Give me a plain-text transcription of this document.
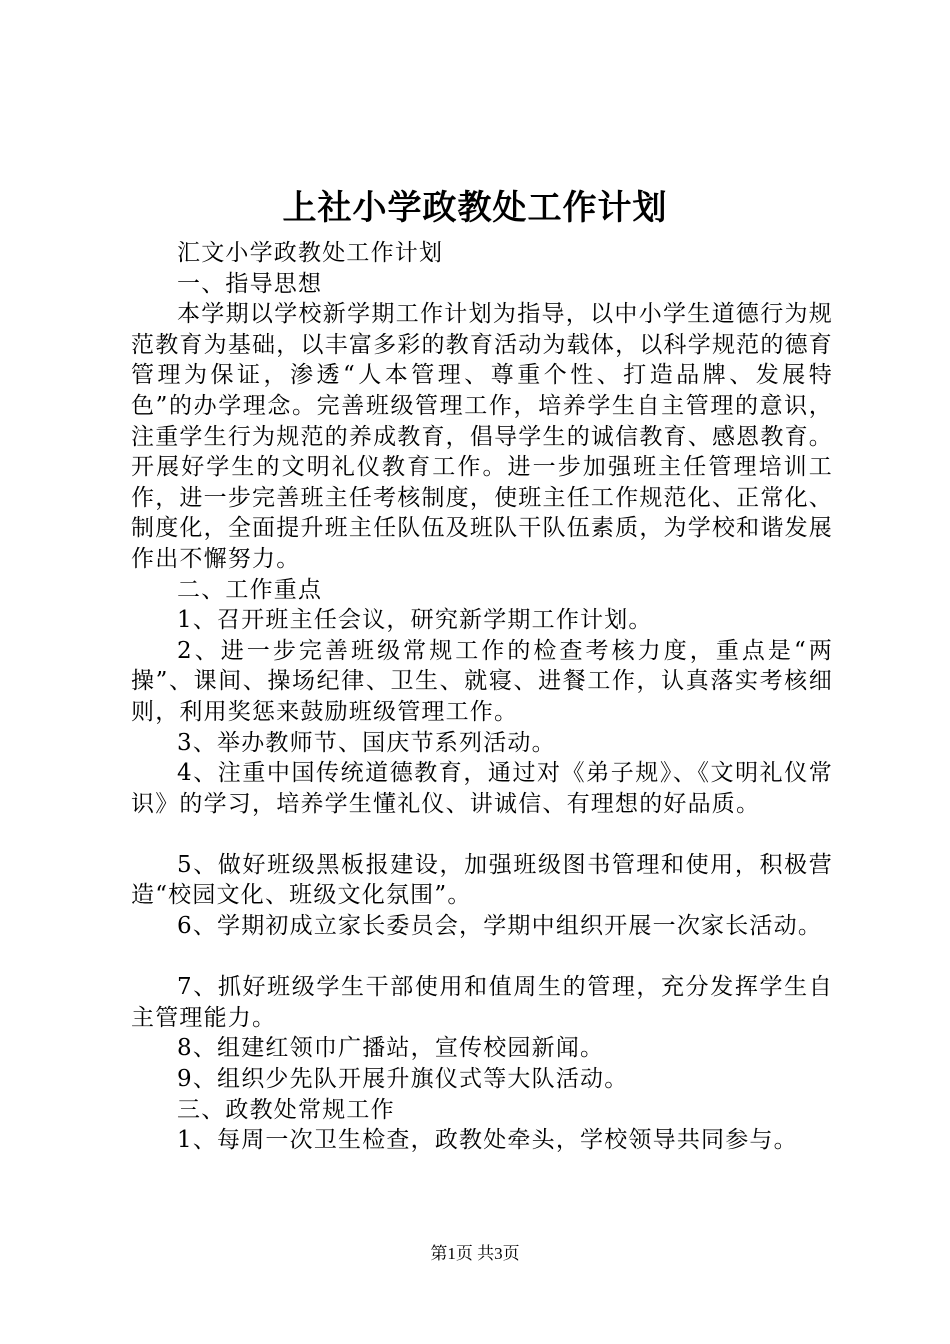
上社小学政教处工作计划

汇文小学政教处工作计划

一、指导思想

本学期以学校新学期工作计划为指导，以中小学生道德行为规范教育为基础，以丰富多彩的教育活动为载体，以科学规范的德育管理为保证，渗透“人本管理、尊重个性、打造品牌、发展特色”的办学理念。完善班级管理工作，培养学生自主管理的意识，注重学生行为规范的养成教育，倡导学生的诚信教育、感恩教育。开展好学生的文明礼仪教育工作。进一步加强班主任管理培训工作，进一步完善班主任考核制度，使班主任工作规范化、正常化、制度化，全面提升班主任队伍及班队干队伍素质，为学校和谐发展作出不懈努力。

二、工作重点

1、召开班主任会议，研究新学期工作计划。

2、进一步完善班级常规工作的检查考核力度，重点是“两操”、课间、操场纪律、卫生、就寝、进餐工作，认真落实考核细则，利用奖惩来鼓励班级管理工作。

3、举办教师节、国庆节系列活动。

4、注重中国传统道德教育，通过对《弟子规》、《文明礼仪常识》的学习，培养学生懂礼仪、讲诚信、有理想的好品质。

5、做好班级黑板报建设，加强班级图书管理和使用，积极营造“校园文化、班级文化氛围”。

6、学期初成立家长委员会，学期中组织开展一次家长活动。

7、抓好班级学生干部使用和值周生的管理，充分发挥学生自主管理能力。

8、组建红领巾广播站，宣传校园新闻。

9、组织少先队开展升旗仪式等大队活动。

三、政教处常规工作

1、每周一次卫生检查，政教处牵头，学校领导共同参与。

第1页 共3页
